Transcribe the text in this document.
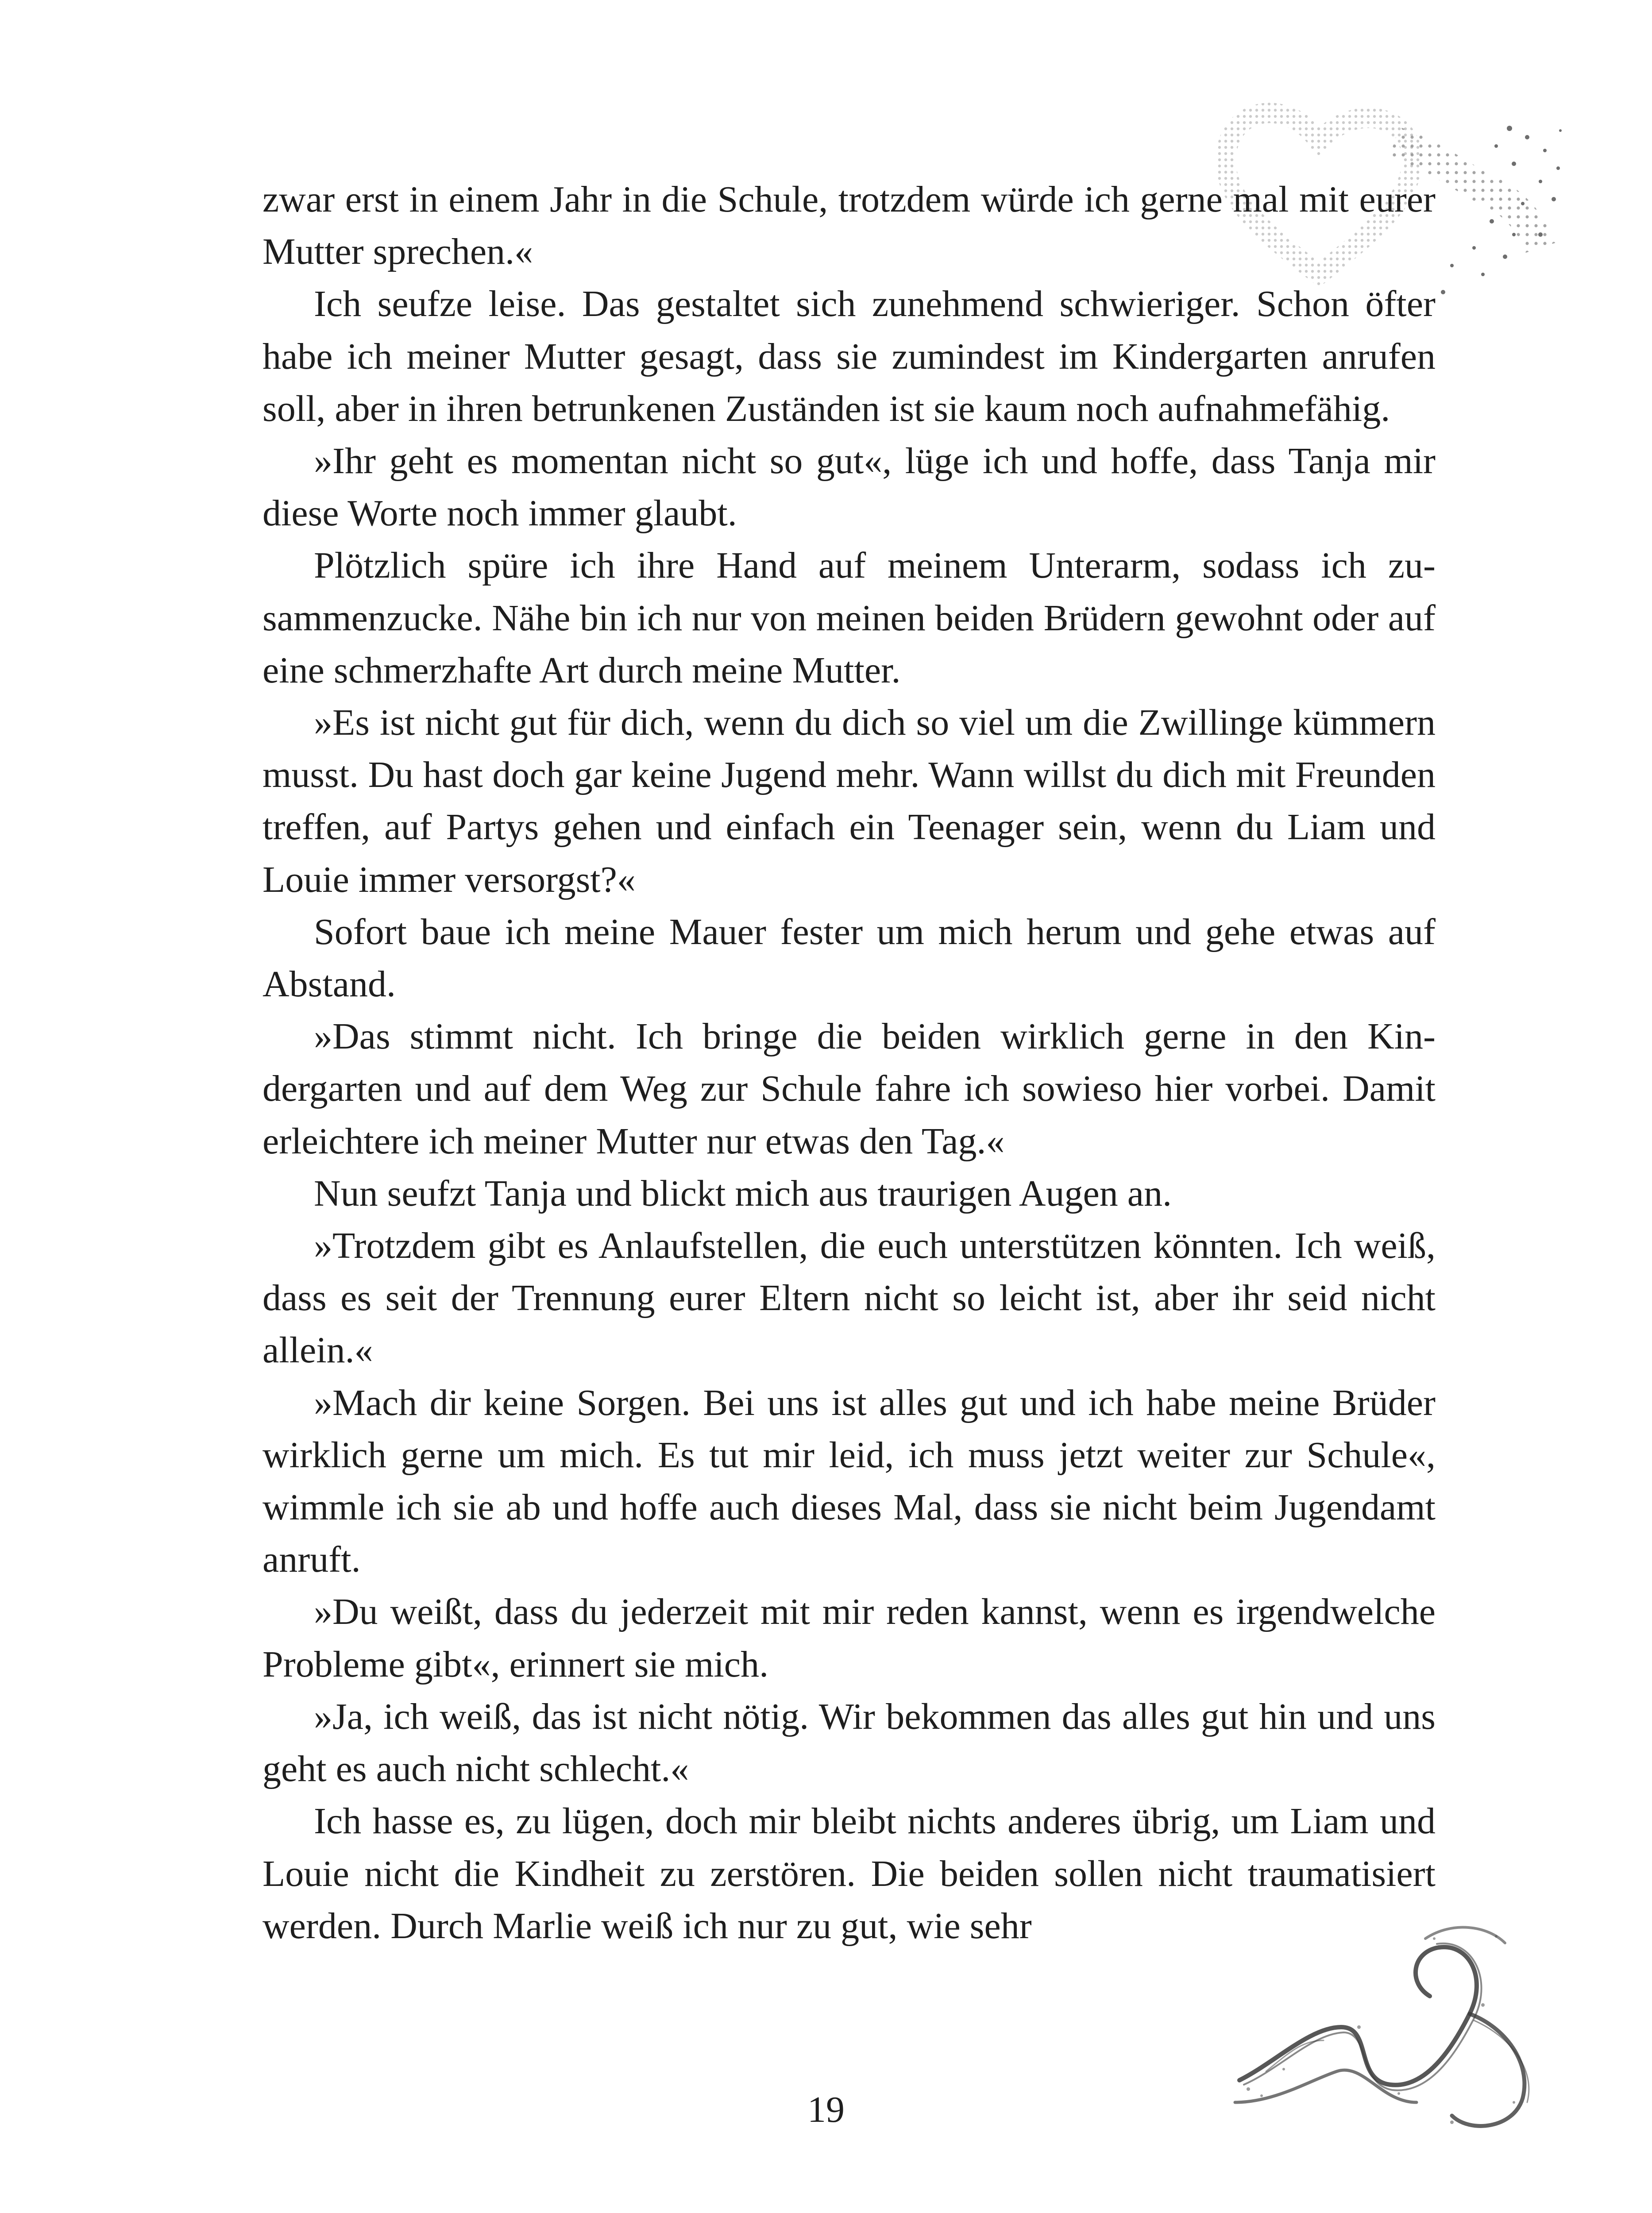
zwar erst in einem Jahr in die Schule, trotzdem würde ich gerne mal mit eurer Mutter sprechen.«

Ich seufze leise. Das gestaltet sich zunehmend schwieriger. Schon öfter habe ich meiner Mutter gesagt, dass sie zumindest im Kindergarten anrufen soll, aber in ihren betrunkenen Zuständen ist sie kaum noch aufnahmefähig.

»Ihr geht es momentan nicht so gut«, lüge ich und hoffe, dass Tanja mir diese Worte noch immer glaubt.

Plötzlich spüre ich ihre Hand auf meinem Unterarm, sodass ich zusammenzucke. Nähe bin ich nur von meinen beiden Brüdern gewohnt oder auf eine schmerzhafte Art durch meine Mutter.

»Es ist nicht gut für dich, wenn du dich so viel um die Zwillinge kümmern musst. Du hast doch gar keine Jugend mehr. Wann willst du dich mit Freunden treffen, auf Partys gehen und einfach ein Teenager sein, wenn du Liam und Louie immer versorgst?«

Sofort baue ich meine Mauer fester um mich herum und gehe etwas auf Abstand.

»Das stimmt nicht. Ich bringe die beiden wirklich gerne in den Kindergarten und auf dem Weg zur Schule fahre ich sowieso hier vorbei. Damit erleichtere ich meiner Mutter nur etwas den Tag.«

Nun seufzt Tanja und blickt mich aus traurigen Augen an.

»Trotzdem gibt es Anlaufstellen, die euch unterstützen könnten. Ich weiß, dass es seit der Trennung eurer Eltern nicht so leicht ist, aber ihr seid nicht allein.«

»Mach dir keine Sorgen. Bei uns ist alles gut und ich habe meine Brüder wirklich gerne um mich. Es tut mir leid, ich muss jetzt weiter zur Schule«, wimmle ich sie ab und hoffe auch dieses Mal, dass sie nicht beim Jugendamt anruft.

»Du weißt, dass du jederzeit mit mir reden kannst, wenn es irgendwelche Probleme gibt«, erinnert sie mich.

»Ja, ich weiß, das ist nicht nötig. Wir bekommen das alles gut hin und uns geht es auch nicht schlecht.«

Ich hasse es, zu lügen, doch mir bleibt nichts anderes übrig, um Liam und Louie nicht die Kindheit zu zerstören. Die beiden sollen nicht traumatisiert werden. Durch Marlie weiß ich nur zu gut, wie sehr

19
